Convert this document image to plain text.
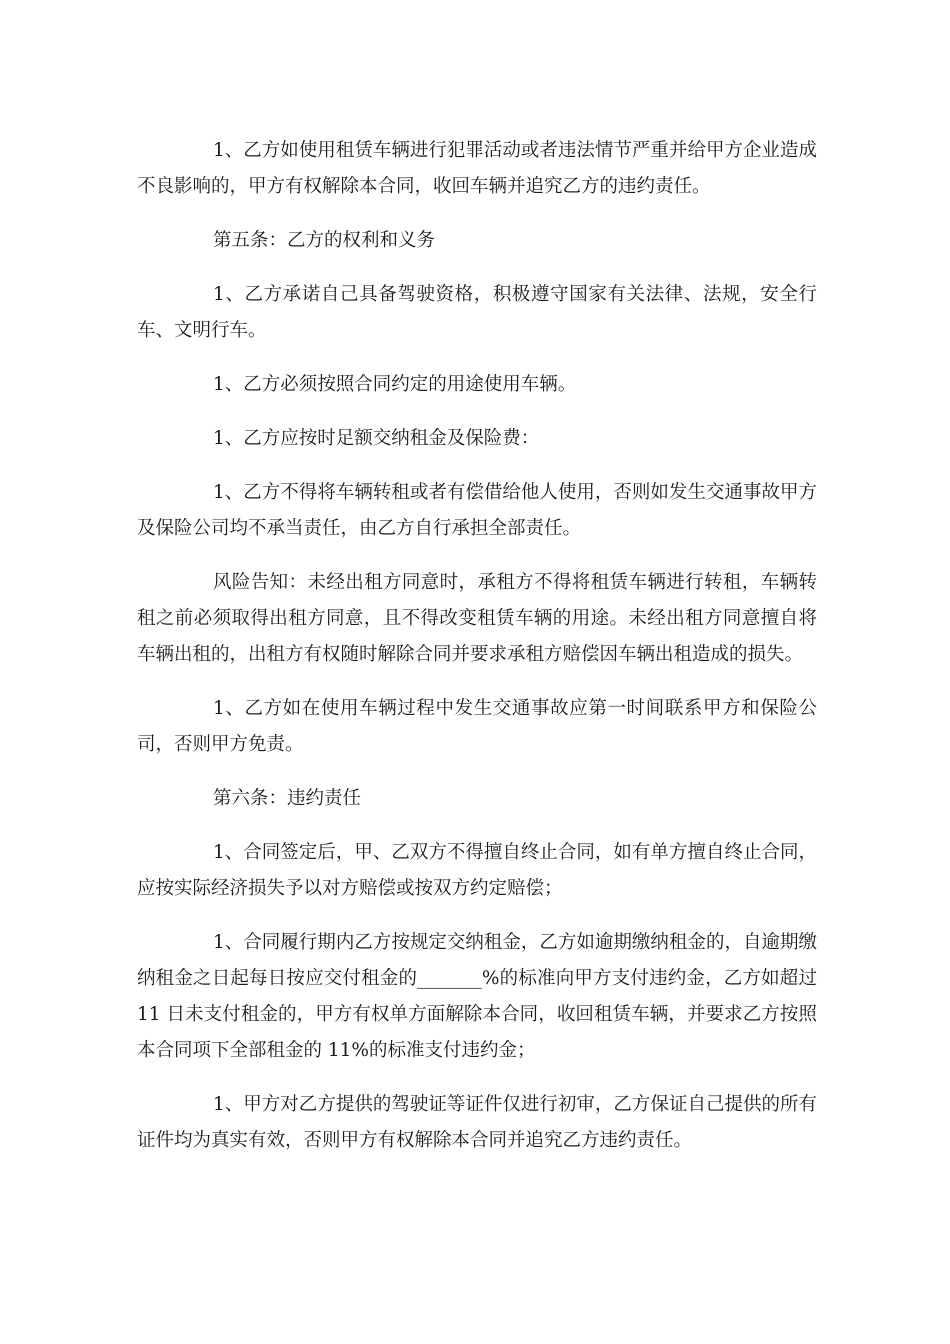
1、乙方如使用租赁车辆进行犯罪活动或者违法情节严重并给甲方企业造成不良影响的，甲方有权解除本合同，收回车辆并追究乙方的违约责任。

第五条：乙方的权利和义务

1、乙方承诺自己具备驾驶资格，积极遵守国家有关法律、法规，安全行车、文明行车。

1、乙方必须按照合同约定的用途使用车辆。

1、乙方应按时足额交纳租金及保险费：

1、乙方不得将车辆转租或者有偿借给他人使用，否则如发生交通事故甲方及保险公司均不承当责任，由乙方自行承担全部责任。

风险告知：未经出租方同意时，承租方不得将租赁车辆进行转租，车辆转租之前必须取得出租方同意，且不得改变租赁车辆的用途。未经出租方同意擅自将车辆出租的，出租方有权随时解除合同并要求承租方赔偿因车辆出租造成的损失。

1、乙方如在使用车辆过程中发生交通事故应第一时间联系甲方和保险公司，否则甲方免责。

第六条：违约责任

1、合同签定后，甲、乙双方不得擅自终止合同，如有单方擅自终止合同，应按实际经济损失予以对方赔偿或按双方约定赔偿；

1、合同履行期内乙方按规定交纳租金，乙方如逾期缴纳租金的，自逾期缴纳租金之日起每日按应交付租金的_______%的标准向甲方支付违约金，乙方如超过 11 日未支付租金的，甲方有权单方面解除本合同，收回租赁车辆，并要求乙方按照本合同项下全部租金的 11%的标准支付违约金；

1、甲方对乙方提供的驾驶证等证件仅进行初审，乙方保证自己提供的所有证件均为真实有效，否则甲方有权解除本合同并追究乙方违约责任。
